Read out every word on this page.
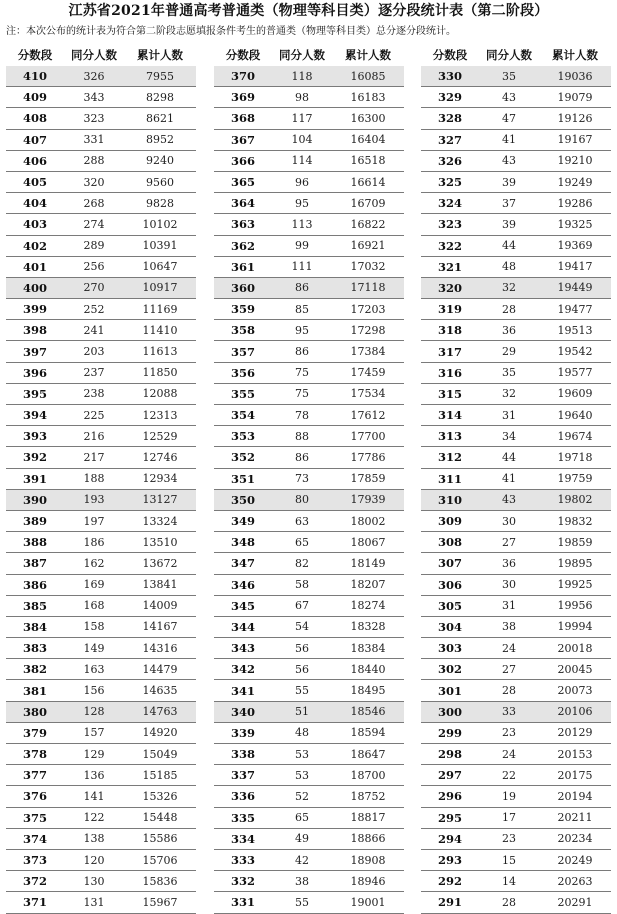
江苏省2021年普通高考普通类（物理等科目类）逐分段统计表（第二阶段）
注：本次公布的统计表为符合第二阶段志愿填报条件考生的普通类（物理等科目类）总分逐分段统计。
分数段	同分人数	累计人数
410	326	7955
409	343	8298
408	323	8621
407	331	8952
406	288	9240
405	320	9560
404	268	9828
403	274	10102
402	289	10391
401	256	10647
400	270	10917
399	252	11169
398	241	11410
397	203	11613
396	237	11850
395	238	12088
394	225	12313
393	216	12529
392	217	12746
391	188	12934
390	193	13127
389	197	13324
388	186	13510
387	162	13672
386	169	13841
385	168	14009
384	158	14167
383	149	14316
382	163	14479
381	156	14635
380	128	14763
379	157	14920
378	129	15049
377	136	15185
376	141	15326
375	122	15448
374	138	15586
373	120	15706
372	130	15836
371	131	15967
分数段	同分人数	累计人数
370	118	16085
369	98	16183
368	117	16300
367	104	16404
366	114	16518
365	96	16614
364	95	16709
363	113	16822
362	99	16921
361	111	17032
360	86	17118
359	85	17203
358	95	17298
357	86	17384
356	75	17459
355	75	17534
354	78	17612
353	88	17700
352	86	17786
351	73	17859
350	80	17939
349	63	18002
348	65	18067
347	82	18149
346	58	18207
345	67	18274
344	54	18328
343	56	18384
342	56	18440
341	55	18495
340	51	18546
339	48	18594
338	53	18647
337	53	18700
336	52	18752
335	65	18817
334	49	18866
333	42	18908
332	38	18946
331	55	19001
分数段	同分人数	累计人数
330	35	19036
329	43	19079
328	47	19126
327	41	19167
326	43	19210
325	39	19249
324	37	19286
323	39	19325
322	44	19369
321	48	19417
320	32	19449
319	28	19477
318	36	19513
317	29	19542
316	35	19577
315	32	19609
314	31	19640
313	34	19674
312	44	19718
311	41	19759
310	43	19802
309	30	19832
308	27	19859
307	36	19895
306	30	19925
305	31	19956
304	38	19994
303	24	20018
302	27	20045
301	28	20073
300	33	20106
299	23	20129
298	24	20153
297	22	20175
296	19	20194
295	17	20211
294	23	20234
293	15	20249
292	14	20263
291	28	20291
